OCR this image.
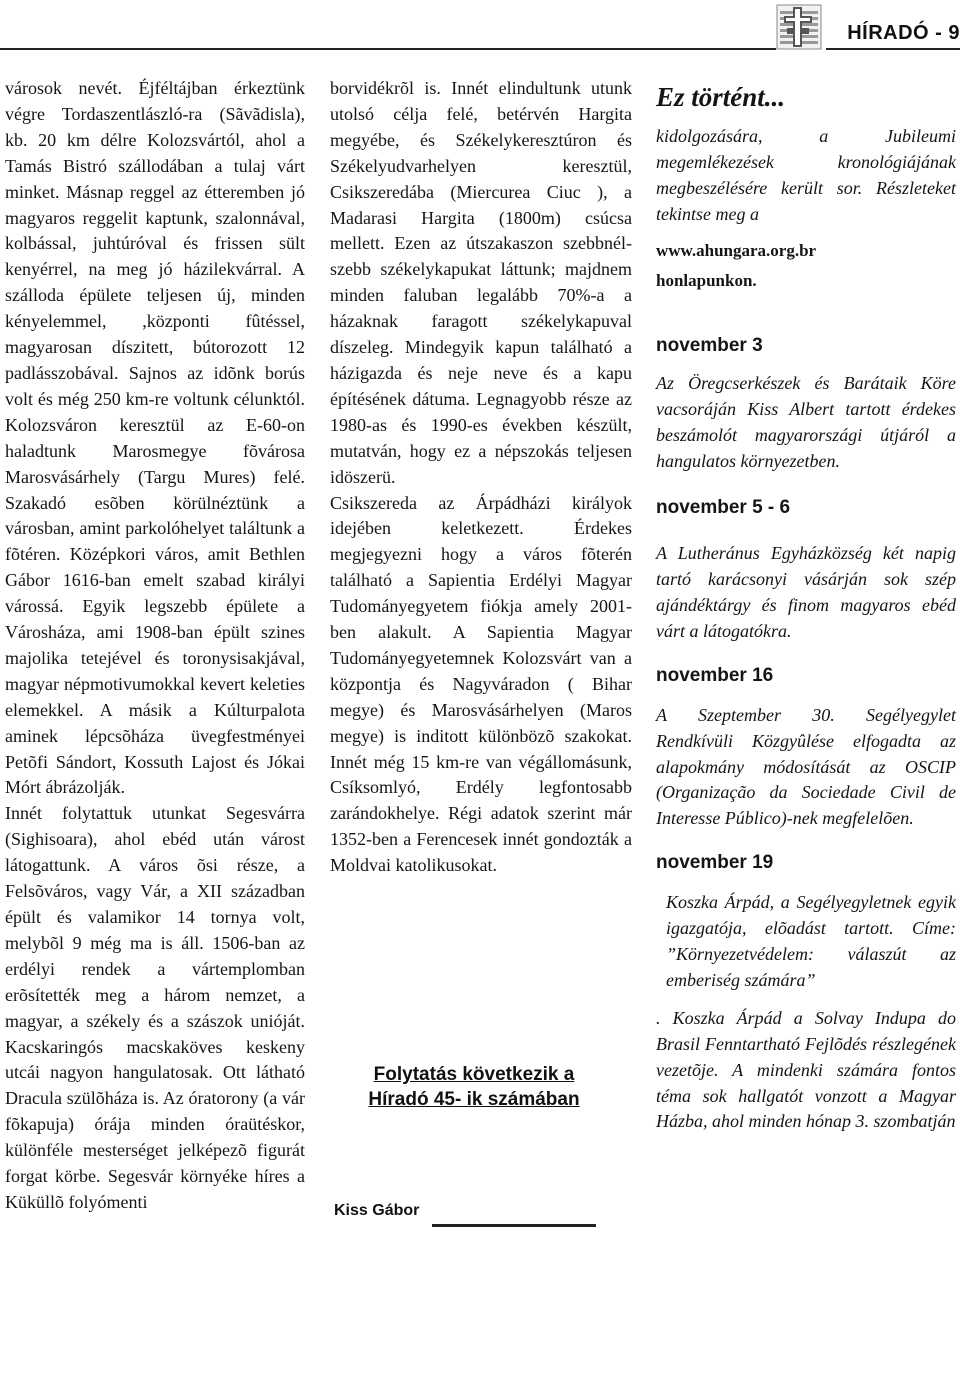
HÍRADÓ - 9

városok nevét. Éjféltájban érkeztünk végre Tordaszentlászló-ra (Sãvãdisla), kb. 20 km délre Kolozsvártól, ahol a Tamás Bistró szállodában a tulaj várt minket. Másnap reggel az étteremben jó magyaros reggelit kaptunk, szalonnával, kolbással, juhtúróval és frissen sült kenyérrel, na meg jó házilekvárral. A szálloda épülete teljesen új, minden kényelemmel, ,központi fûtéssel, magyarosan díszitett, bútorozott 12 padlásszobával. Sajnos az idõnk borús volt és még 250 km-re voltunk célunktól. Kolozsváron keresztül az E-60-on haladtunk Marosmegye fõvárosa Marosvásárhely (Targu Mures) felé. Szakadó esõben körülnéztünk a városban, amint parkolóhelyet találtunk a fõtéren. Középkori város, amit Bethlen Gábor 1616-ban emelt szabad királyi várossá. Egyik legszebb épülete a Városháza, ami 1908-ban épült szines majolika tetejével és toronysisakjával, magyar népmotivumokkal kevert keleties elemekkel. A másik a Kúlturpalota aminek lépcsõháza üvegfestményei Petõfi Sándort, Kossuth Lajost és Jókai Mórt ábrázolják.

Innét folytattuk utunkat Segesvárra (Sighisoara), ahol ebéd után várost látogattunk. A város õsi része, a Felsõváros, vagy Vár, a XII században épült és valamikor 14 tornya volt, melybõl 9 még ma is áll. 1506-ban az erdélyi rendek a vártemplomban erõsítették meg a három nemzet, a magyar, a székely és a szászok unióját. Kacskaringós macskaköves keskeny utcái nagyon hangulatosak. Ott látható Dracula szülõháza is. Az óratorony (a vár fõkapuja) órája minden óraütéskor, különféle mesterséget jelképezõ figurát forgat körbe. Segesvár környéke híres a Küküllõ folyómenti

borvidékrõl is. Innét elindultunk utunk utolsó célja felé, betérvén Hargita megyébe, és Székelykeresztúron és Székelyudvarhelyen keresztül, Csikszeredába (Miercurea Ciuc ), a Madarasi Hargita (1800m) csúcsa mellett. Ezen az útszakaszon szebbnél-szebb székelykapukat láttunk; majdnem minden faluban legalább 70%-a a házaknak faragott székelykapuval díszeleg. Mindegyik kapun található a házigazda és neje neve és a kapu építésének dátuma. Legnagyobb része az 1980-as és 1990-es években készült, mutatván, hogy ez a népszokás teljesen idöszerü.

Csikszereda az Árpádházi királyok idejében keletkezett. Érdekes megjegyezni hogy a város fõterén található a Sapientia Erdélyi Magyar Tudományegyetem fiókja amely 2001-ben alakult. A Sapientia Magyar Tudományegyetemnek Kolozsvárt van a központja és Nagyváradon ( Bihar megye) és Marosvásárhelyen (Maros megye) is inditott különbözõ szakokat. Innét még 15 km-re van végállomásunk, Csíksomlyó, Erdély legfontosabb zarándokhelye. Régi adatok szerint már 1352-ben a Ferencesek innét gondozták a Moldvai katolikusokat.

Folytatás következik a
Híradó 45- ik számában
Kiss Gábor
Ez történt...

kidolgozására, a Jubileumi megemlékezések kronológiájának megbeszélésére került sor. Részleteket tekintse meg a

www.ahungara.org.br

honlapunkon.

november 3

Az Öregcserkészek és Barátaik Köre vacsoráján Kiss Albert tartott érdekes beszámolót magyarországi útjáról a hangulatos környezetben.

november 5 - 6

A Lutheránus Egyházközség két napig tartó karácsonyi vásárján sok szép ajándéktárgy és finom magyaros ebéd várt a látogatókra.

november 16

A Szeptember 30. Segélyegylet Rendkívüli Közgyûlése elfogadta az alapokmány módosítását az OSCIP (Organização da Sociedade Civil de Interesse Público)-nek megfelelõen.

november 19

Koszka Árpád, a Segélyegyletnek egyik igazgatója, elõadást tartott. Címe: ”Környezetvédelem: válaszút az emberiség számára”

. Koszka Árpád a Solvay Indupa do Brasil Fenntartható Fejlõdés részlegének vezetõje. A mindenki számára fontos téma sok hallgatót vonzott a Magyar Házba, ahol minden hónap 3. szombatján
